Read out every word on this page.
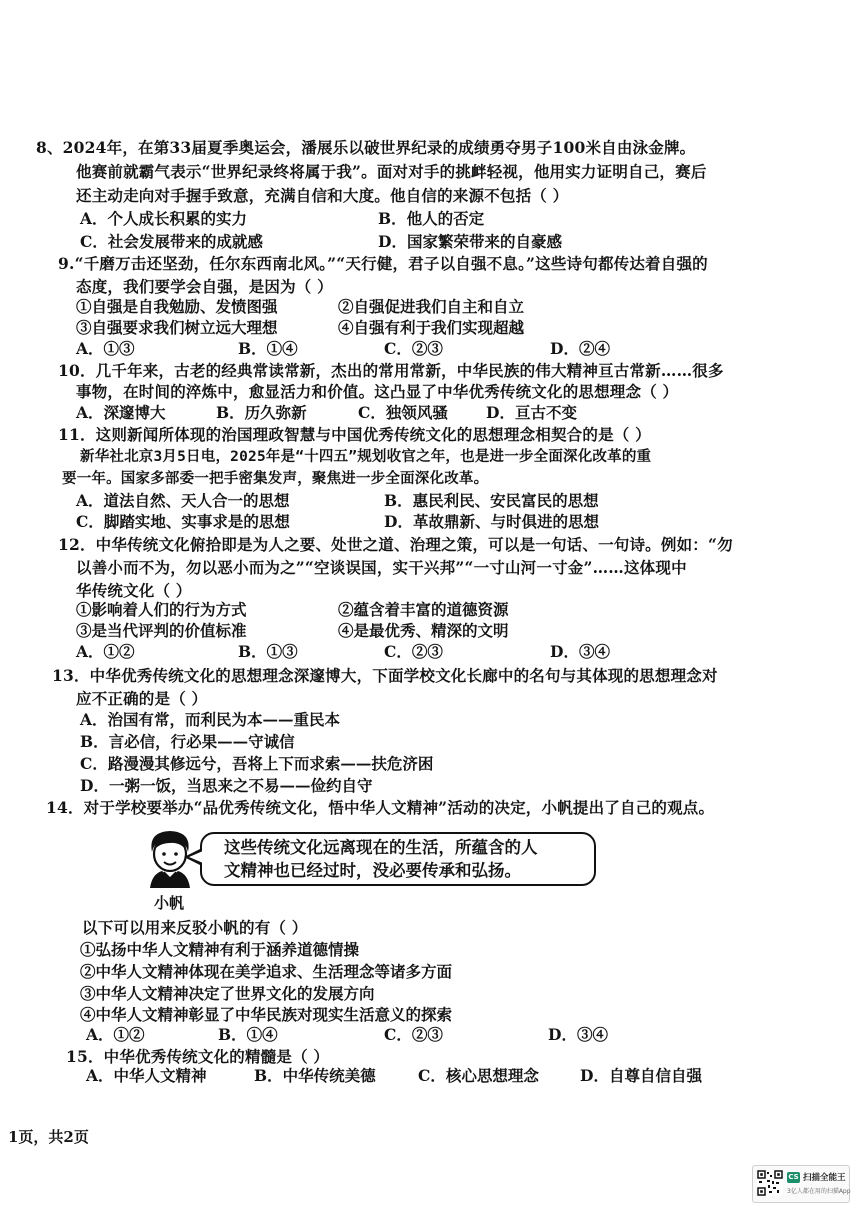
8、2024年，在第33届夏季奥运会，潘展乐以破世界纪录的成绩勇夺男子100米自由泳金牌。
他赛前就霸气表示“世界纪录终将属于我”。面对对手的挑衅轻视，他用实力证明自己，赛后
还主动走向对手握手致意，充满自信和大度。他自信的来源不包括（ ）
A．个人成长积累的实力	B．他人的否定
C．社会发展带来的成就感	D．国家繁荣带来的自豪感
9.“千磨万击还坚劲，任尔东西南北风。”“天行健，君子以自强不息。”这些诗句都传达着自强的
态度，我们要学会自强，是因为（ ）
①自强是自我勉励、发愤图强	②自强促进我们自主和自立
③自强要求我们树立远大理想	④自强有利于我们实现超越
A．①③	B．①④	C．②③	D．②④
10．几千年来，古老的经典常读常新，杰出的常用常新，中华民族的伟大精神亘古常新……很多
事物，在时间的淬炼中，愈显活力和价值。这凸显了中华优秀传统文化的思想理念（ ）
A．深邃博大	B．历久弥新	C．独领风骚 D．亘古不变
11．这则新闻所体现的治国理政智慧与中国优秀传统文化的思想理念相契合的是（ ）
新华社北京3月5日电，2025年是“十四五”规划收官之年，也是进一步全面深化改革的重
要一年。国家多部委一把手密集发声，聚焦进一步全面深化改革。
A．道法自然、天人合一的思想	B．惠民利民、安民富民的思想
C．脚踏实地、实事求是的思想	D．革故鼎新、与时俱进的思想
12．中华传统文化俯拾即是为人之要、处世之道、治理之策，可以是一句话、一句诗。例如：“勿
以善小而不为，勿以恶小而为之”“空谈误国，实干兴邦”“一寸山河一寸金”……这体现中
华传统文化（ ）
①影响着人们的行为方式	②蕴含着丰富的道德资源
③是当代评判的价值标准	④是最优秀、精深的文明
A．①②	B．①③	C．②③	D．③④
13．中华优秀传统文化的思想理念深邃博大，下面学校文化长廊中的名句与其体现的思想理念对
应不正确的是（ ）
A．治国有常，而利民为本——重民本
B．言必信，行必果——守诚信
C．路漫漫其修远兮，吾将上下而求索——扶危济困
D．一粥一饭，当思来之不易——俭约自守
14．对于学校要举办“品优秀传统文化，悟中华人文精神”活动的决定，小帆提出了自己的观点。
小帆
这些传统文化远离现在的生活，所蕴含的人
文精神也已经过时，没必要传承和弘扬。
以下可以用来反驳小帆的有（ ）
①弘扬中华人文精神有利于涵养道德情操
②中华人文精神体现在美学追求、生活理念等诸多方面
③中华人文精神决定了世界文化的发展方向
④中华人文精神彰显了中华民族对现实生活意义的探索
A．①②	B．①④	C．②③	D．③④
15．中华优秀传统文化的精髓是（ ）
A．中华人文精神	B．中华传统美德	C．核心思想理念	D．自尊自信自强
1页，共2页
CS 扫描全能王
3亿人都在用的扫描App
